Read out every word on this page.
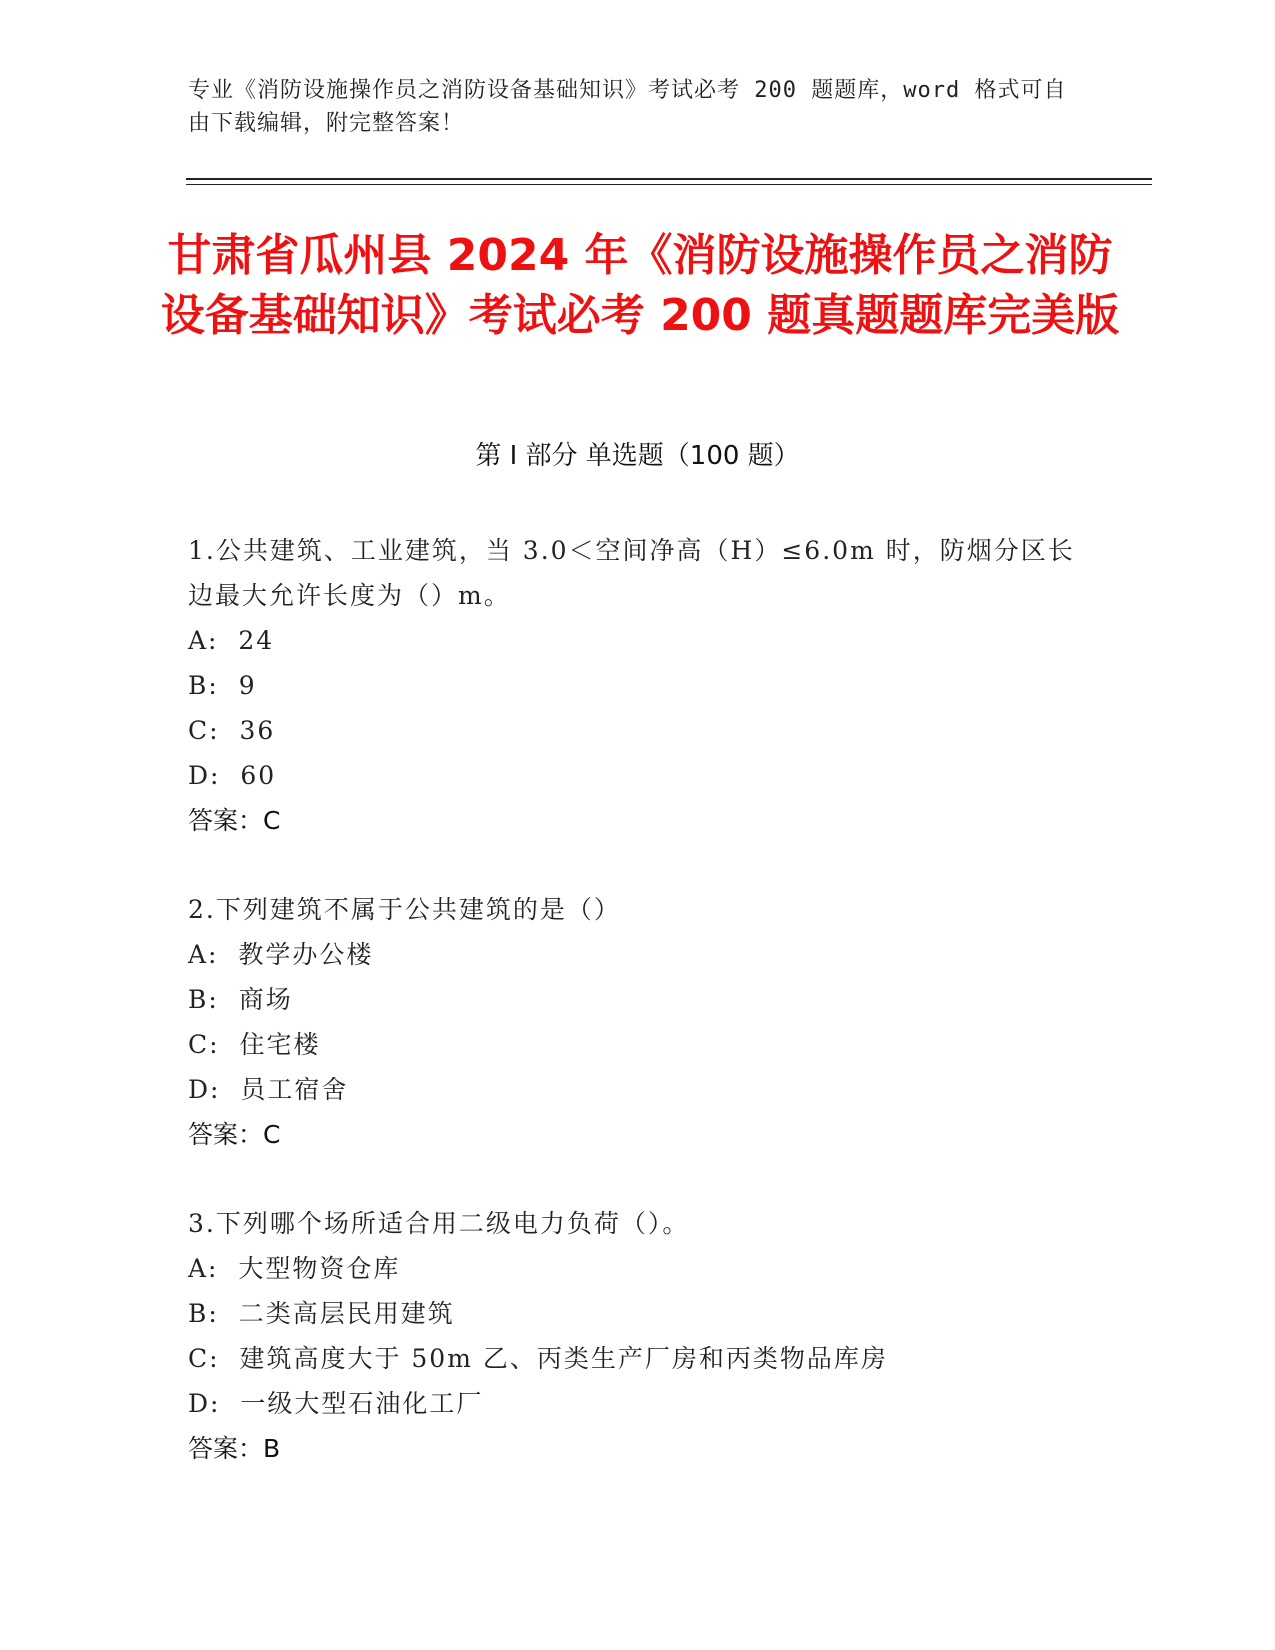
专业《消防设施操作员之消防设备基础知识》考试必考 200 题题库，word 格式可自由下载编辑，附完整答案！
甘肃省瓜州县 2024 年《消防设施操作员之消防设备基础知识》考试必考 200 题真题题库完美版
第 I 部分 单选题（100 题）
1.公共建筑、工业建筑，当 3.0＜空间净高（H）≤6.0m 时，防烟分区长边最大允许长度为（）m。
A:  24
B:  9
C:  36
D:  60
答案：C
2.下列建筑不属于公共建筑的是（）
A:  教学办公楼
B:  商场
C:  住宅楼
D:  员工宿舍
答案：C
3.下列哪个场所适合用二级电力负荷（）。
A:  大型物资仓库
B:  二类高层民用建筑
C:  建筑高度大于 50m 乙、丙类生产厂房和丙类物品库房
D:  一级大型石油化工厂
答案：B
